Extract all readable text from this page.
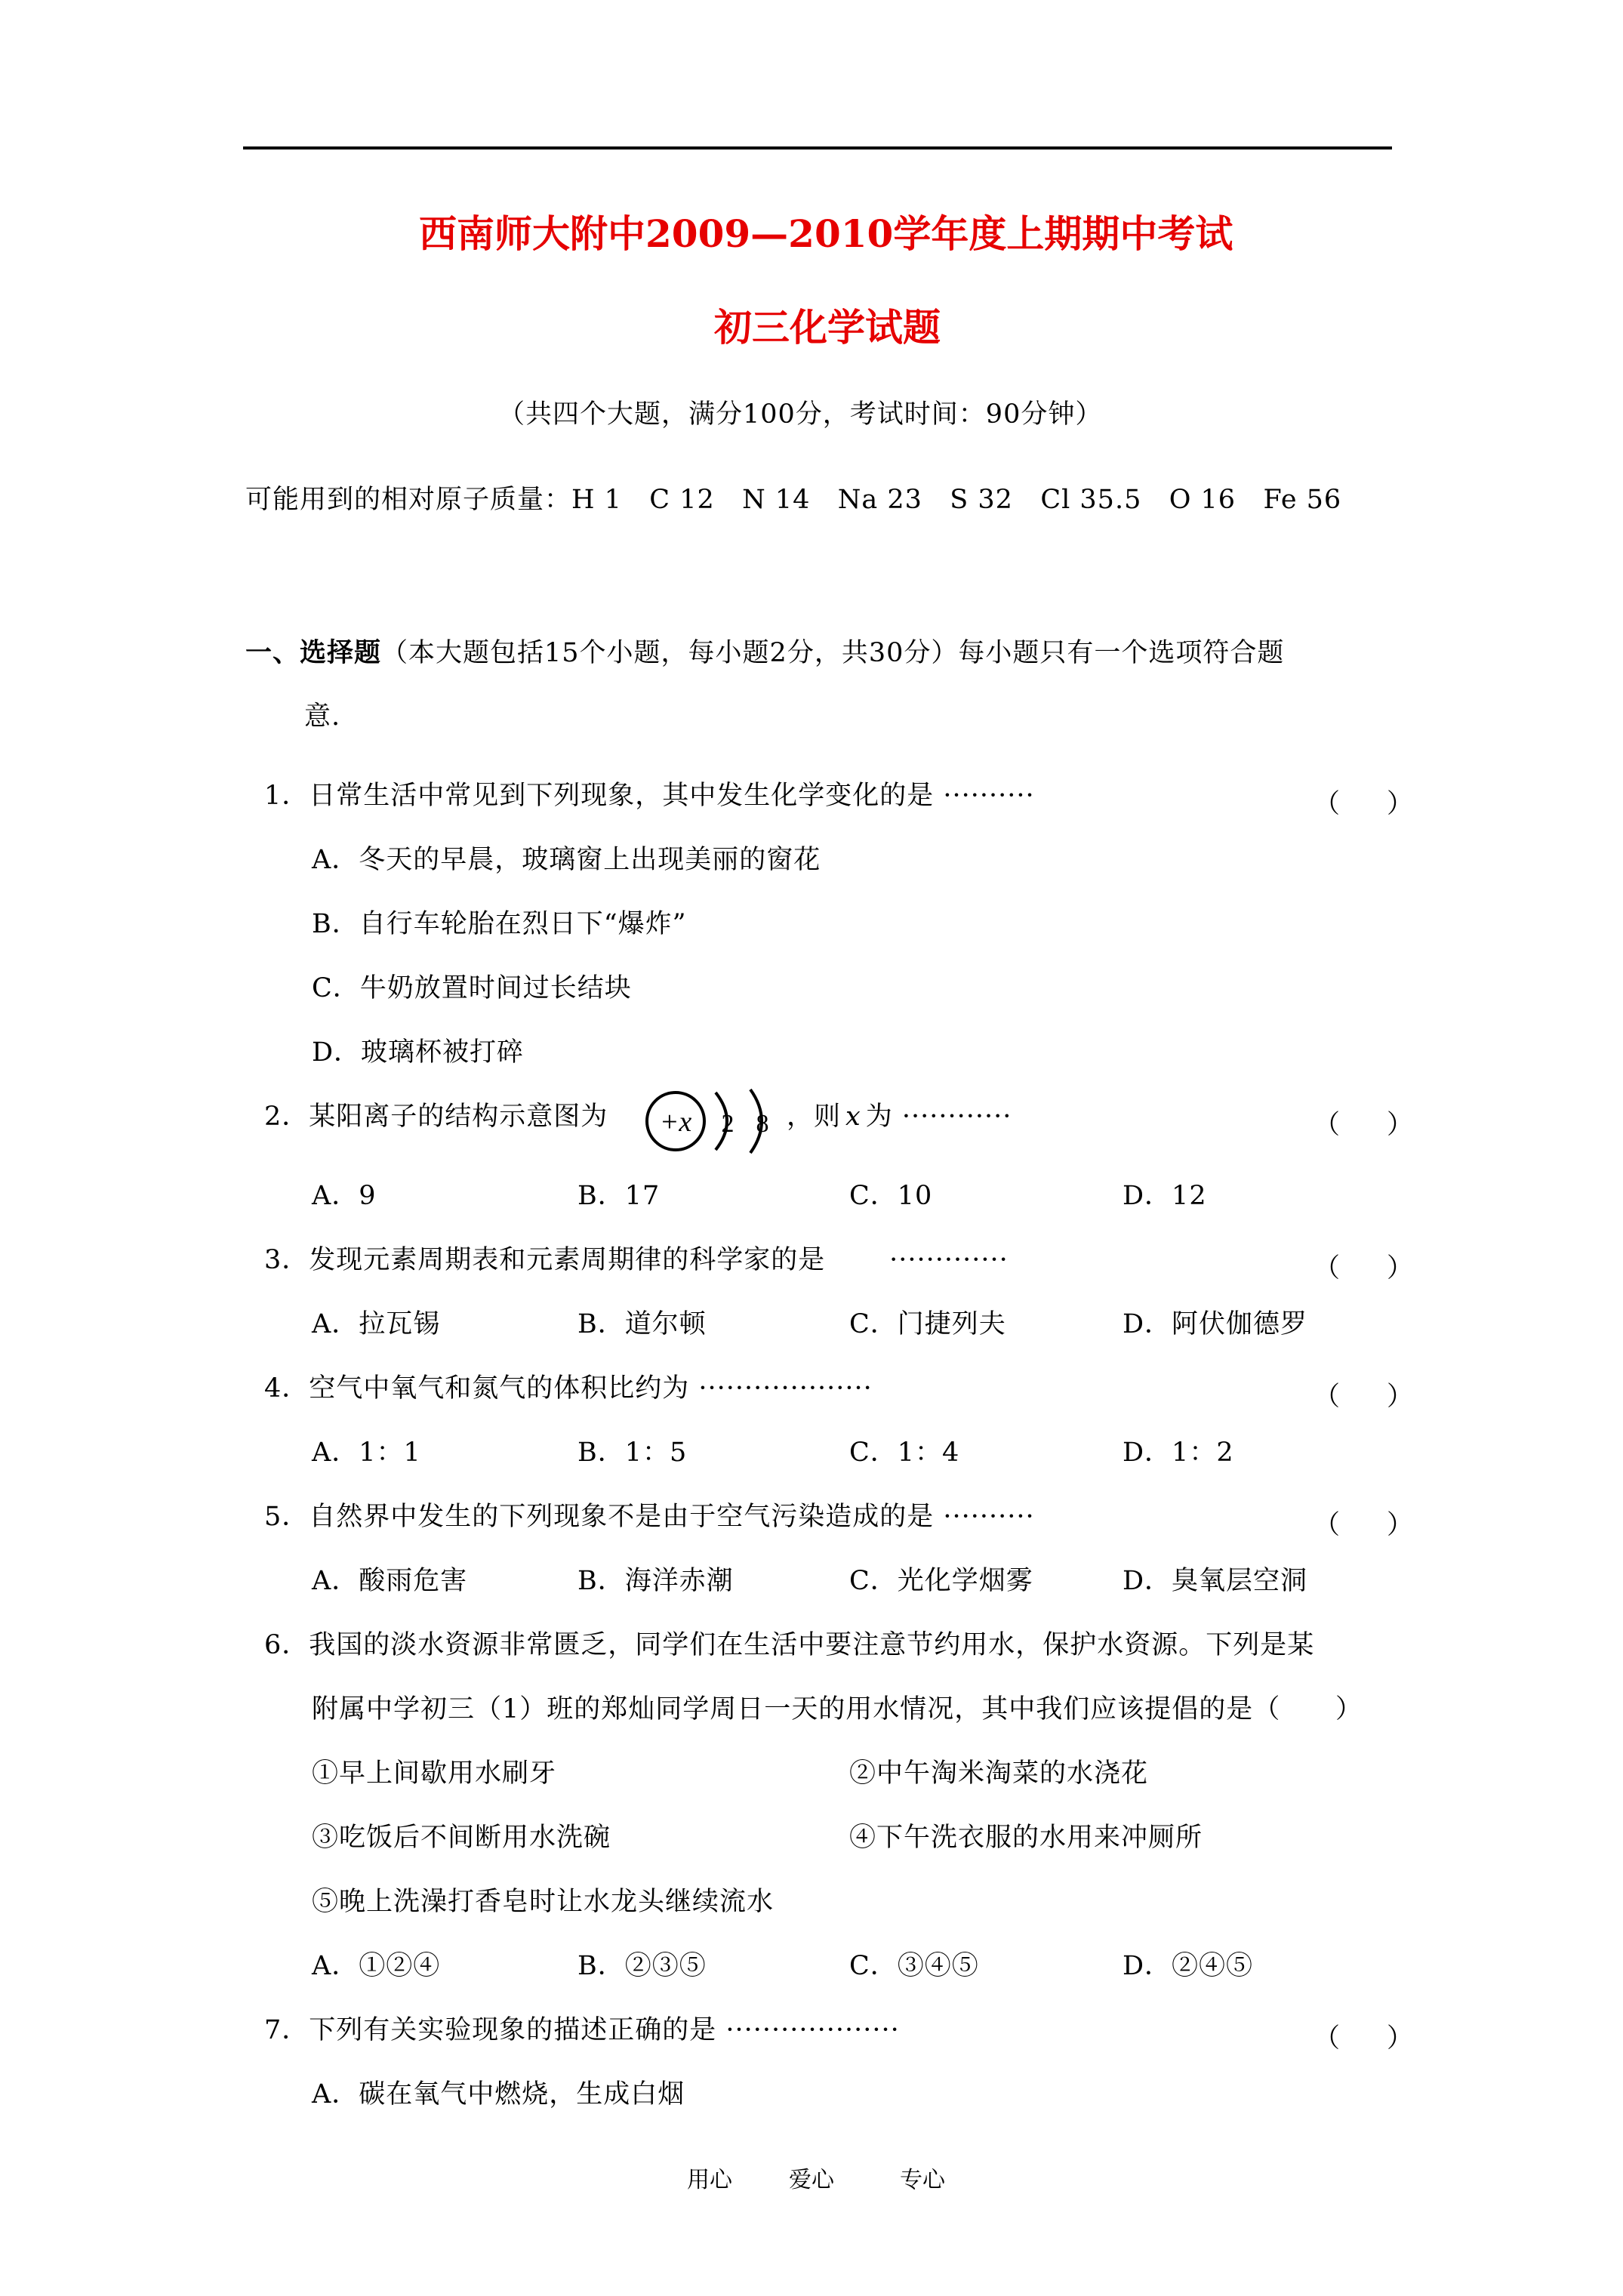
西南师大附中2009—2010学年度上期期中考试
初三化学试题
（共四个大题，满分100分，考试时间：90分钟）
可能用到的相对原子质量：H 1   C 12   N 14   Na 23   S 32   Cl 35.5   O 16   Fe 56
一、选择题（本大题包括15个小题，每小题2分，共30分）每小题只有一个选项符合题
意.
1．日常生活中常见到下列现象，其中发生化学变化的是 ··········	（ ）
A．冬天的早晨，玻璃窗上出现美丽的窗花
B．自行车轮胎在烈日下“爆炸”
C．牛奶放置时间过长结块
D．玻璃杯被打碎
2．某阳离子的结构示意图为 +x 2 8 ，则 x 为 ············	（ ）
A．9	B．17	C．10	D．12
3．发现元素周期表和元素周期律的科学家的是       ·············	（ ）
A．拉瓦锡	B．道尔顿	C．门捷列夫	D．阿伏伽德罗
4．空气中氧气和氮气的体积比约为 ···················	（ ）
A．1：1	B．1：5	C．1：4	D．1：2
5．自然界中发生的下列现象不是由于空气污染造成的是 ··········	（ ）
A．酸雨危害	B．海洋赤潮	C．光化学烟雾	D．臭氧层空洞
6．我国的淡水资源非常匮乏，同学们在生活中要注意节约用水，保护水资源。下列是某
附属中学初三（1）班的郑灿同学周日一天的用水情况，其中我们应该提倡的是（      ）
①早上间歇用水刷牙	②中午淘米淘菜的水浇花
③吃饭后不间断用水洗碗	④下午洗衣服的水用来冲厕所
⑤晚上洗澡打香皂时让水龙头继续流水
A．①②④	B．②③⑤	C．③④⑤	D．②④⑤
7．下列有关实验现象的描述正确的是 ···················	（ ）
A．碳在氧气中燃烧，生成白烟
用心	爱心	专心
